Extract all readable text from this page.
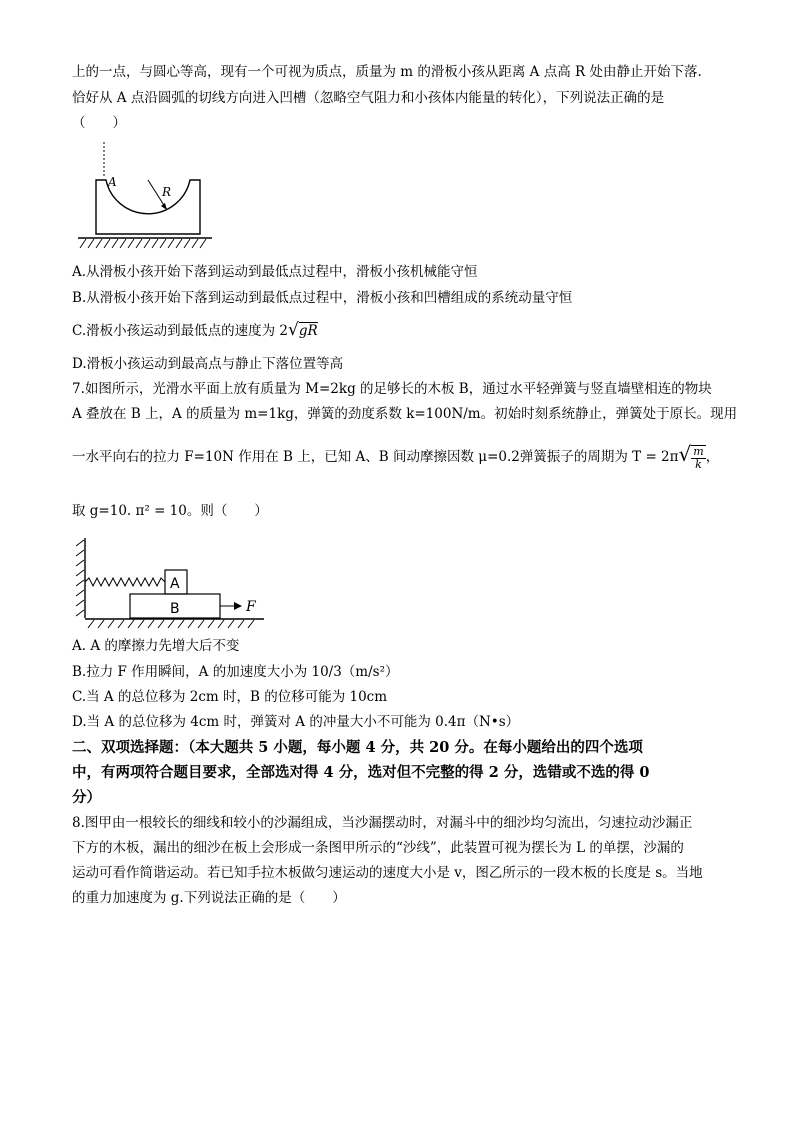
上的一点，与圆心等高，现有一个可视为质点，质量为 m 的滑板小孩从距离 A 点高 R 处由静止开始下落.
恰好从 A 点沿圆弧的切线方向进入凹槽（忽略空气阻力和小孩体内能量的转化），下列说法正确的是
（　　）
A
R
A.从滑板小孩开始下落到运动到最低点过程中，滑板小孩机械能守恒
B.从滑板小孩开始下落到运动到最低点过程中，滑板小孩和凹槽组成的系统动量守恒
C.滑板小孩运动到最低点的速度为 2√gR
D.滑板小孩运动到最高点与静止下落位置等高
7.如图所示，光滑水平面上放有质量为 M=2kg 的足够长的木板 B，通过水平轻弹簧与竖直墙壁相连的物块
A 叠放在 B 上，A 的质量为 m=1kg，弹簧的劲度系数 k=100N/m。初始时刻系统静止，弹簧处于原长。现用
一水平向右的拉力 F=10N 作用在 B 上，已知 A、B 间动摩擦因数 μ=0.2弹簧振子的周期为 $T = 2\pi√ \frac{m}{k}$ ，
取 g=10. π² = 10。则（　　）
A
B	F
A. A 的摩擦力先增大后不变
B.拉力 F 作用瞬间，A 的加速度大小为 10/3（m/s²）
C.当 A 的总位移为 2cm 时，B 的位移可能为 10cm
D.当 A 的总位移为 4cm 时，弹簧对 A 的冲量大小不可能为 0.4π（N•s）
二、双项选择题：（本大题共 5 小题，每小题 4 分，共 20 分。在每小题给出的四个选项
中，有两项符合题目要求，全部选对得 4 分，选对但不完整的得 2 分，选错或不选的得 0
分）
8.图甲由一根较长的细线和较小的沙漏组成，当沙漏摆动时，对漏斗中的细沙均匀流出，匀速拉动沙漏正
下方的木板，漏出的细沙在板上会形成一条图甲所示的“沙线”，此装置可视为摆长为 L 的单摆，沙漏的
运动可看作简谐运动。若已知手拉木板做匀速运动的速度大小是 v，图乙所示的一段木板的长度是 s。当地
的重力加速度为 g.下列说法正确的是（　　）
